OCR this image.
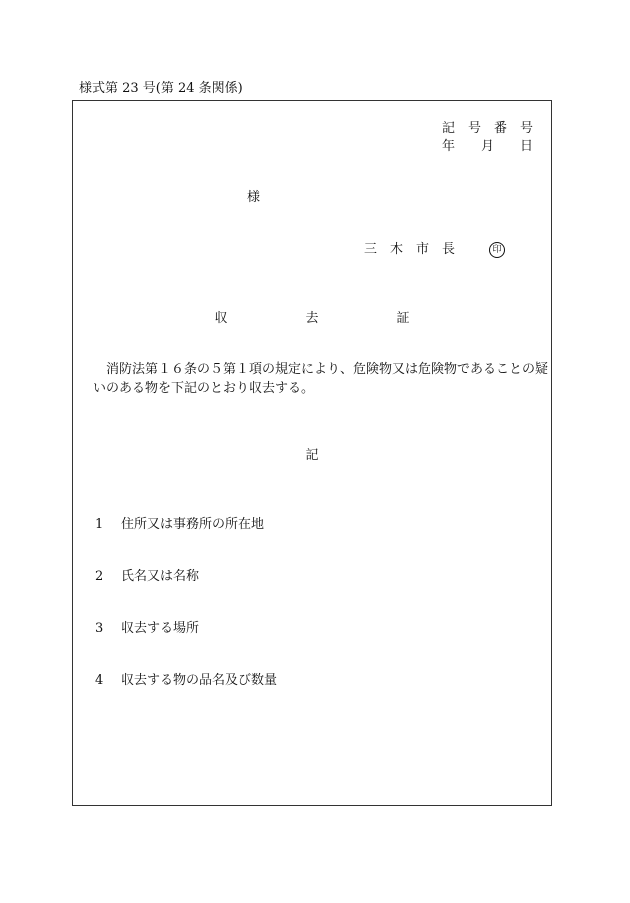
様式第 23 号(第 24 条関係)
記　号　番　号
年　　月　　日
様
三　木　市　長	印
収　　　　　　去　　　　　　証
消防法第１６条の５第１項の規定により、危険物又は危険物であることの疑いのある物を下記のとおり収去する。
記
1 住所又は事務所の所在地
2 氏名又は名称
3 収去する場所
4 収去する物の品名及び数量
